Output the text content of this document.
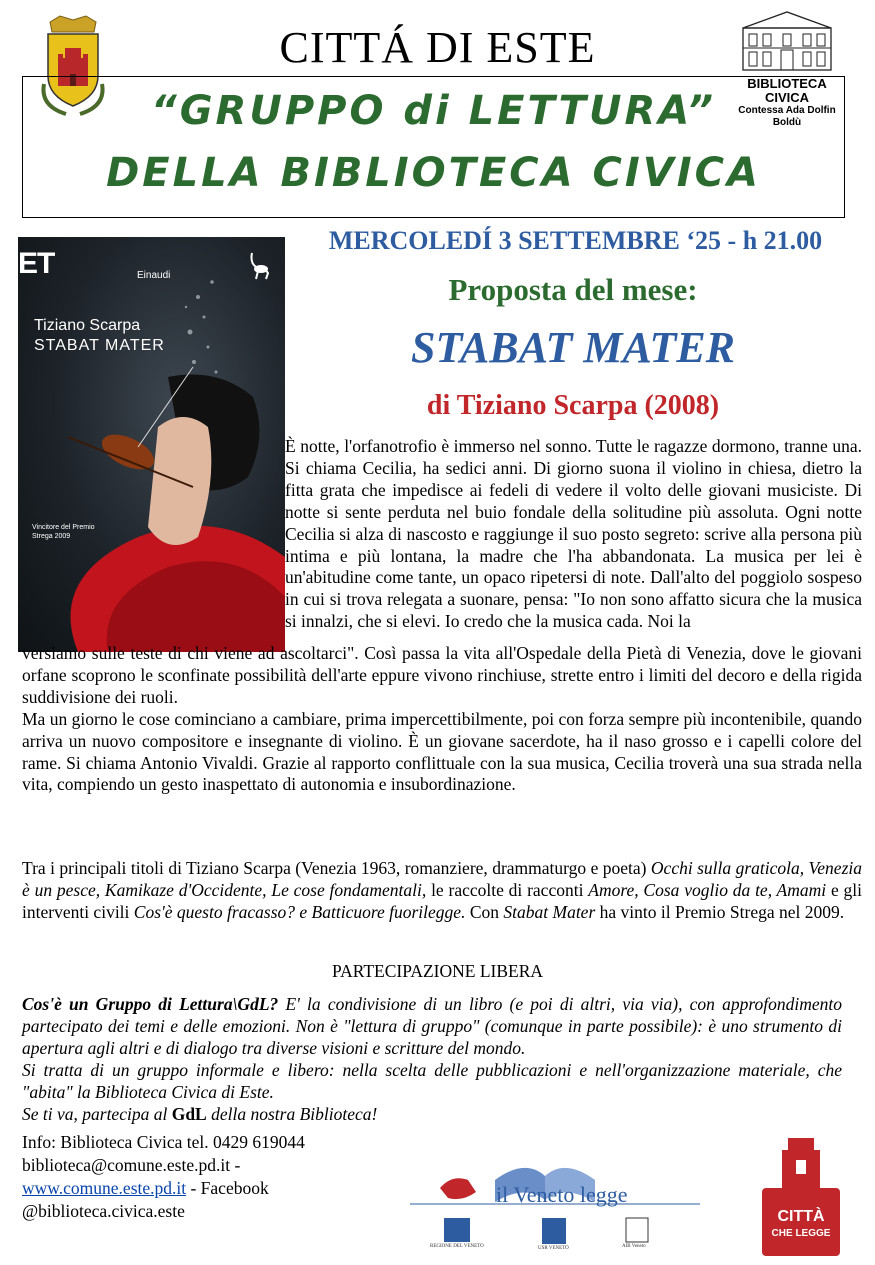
CITTÁ DI ESTE
“GRUPPO di LETTURA”
DELLA BIBLIOTECA CIVICA
BIBLIOTECA CIVICA
Contessa Ada Dolfin Boldù
ET	Einaudi
Tiziano Scarpa
STABAT MATER
Vincitore del Premio Strega 2009
MERCOLEDÍ 3 SETTEMBRE ‘25 - h 21.00
Proposta del mese:
STABAT MATER
di Tiziano Scarpa (2008)
È notte, l'orfanotrofio è immerso nel sonno. Tutte le ragazze dormono, tranne una. Si chiama Cecilia, ha sedici anni. Di giorno suona il violino in chiesa, dietro la fitta grata che impedisce ai fedeli di vedere il volto delle giovani musiciste. Di notte si sente perduta nel buio fondale della solitudine più assoluta. Ogni notte Cecilia si alza di nascosto e raggiunge il suo posto segreto: scrive alla persona più intima e più lontana, la madre che l'ha abbandonata. La musica per lei è un'abitudine come tante, un opaco ripetersi di note. Dall'alto del poggiolo sospeso in cui si trova relegata a suonare, pensa: "Io non sono affatto sicura che la musica si innalzi, che si elevi. Io credo che la musica cada. Noi la
versiamo sulle teste di chi viene ad ascoltarci". Così passa la vita all'Ospedale della Pietà di Venezia, dove le giovani orfane scoprono le sconfinate possibilità dell'arte eppure vivono rinchiuse, strette entro i limiti del decoro e della rigida suddivisione dei ruoli.
Ma un giorno le cose cominciano a cambiare, prima impercettibilmente, poi con forza sempre più incontenibile, quando arriva un nuovo compositore e insegnante di violino. È un giovane sacerdote, ha il naso grosso e i capelli colore del rame. Si chiama Antonio Vivaldi. Grazie al rapporto conflittuale con la sua musica, Cecilia troverà una sua strada nella vita, compiendo un gesto inaspettato di autonomia e insubordinazione.
Tra i principali titoli di Tiziano Scarpa (Venezia 1963, romanziere, drammaturgo e poeta) Occhi sulla graticola, Venezia è un pesce, Kamikaze d'Occidente, Le cose fondamentali, le raccolte di racconti Amore, Cosa voglio da te, Amami e gli interventi civili Cos'è questo fracasso? e Batticuore fuorilegge. Con Stabat Mater ha vinto il Premio Strega nel 2009.
PARTECIPAZIONE LIBERA
Cos'è un Gruppo di Lettura\GdL? E' la condivisione di un libro (e poi di altri, via via), con approfondimento partecipato dei temi e delle emozioni. Non è "lettura di gruppo" (comunque in parte possibile): è uno strumento di apertura agli altri e di dialogo tra diverse visioni e scritture del mondo.
Si tratta di un gruppo informale e libero: nella scelta delle pubblicazioni e nell'organizzazione materiale, che "abita" la Biblioteca Civica di Este.
Se ti va, partecipa al GdL della nostra Biblioteca!
Info: Biblioteca Civica tel. 0429 619044
biblioteca@comune.este.pd.it -
www.comune.este.pd.it - Facebook
@biblioteca.civica.este
il Veneto legge
REGIONE DEL VENETO	USR VENETO	AIB Veneto
CITTÀ
CHE LEGGE
